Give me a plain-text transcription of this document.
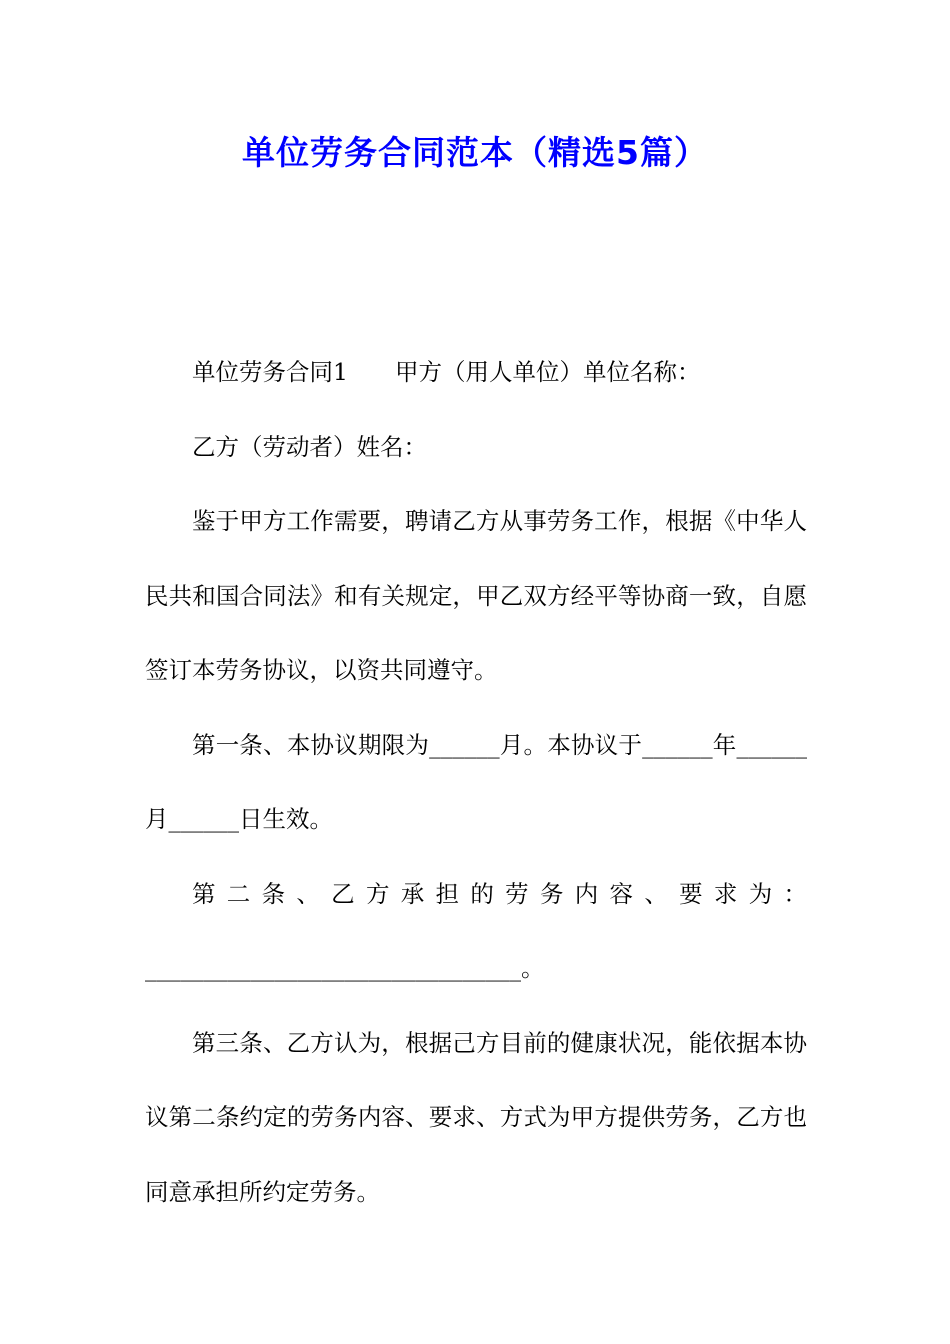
单位劳务合同范本（精选5篇）

单位劳务合同1　　甲方（用人单位）单位名称：

乙方（劳动者）姓名：

鉴于甲方工作需要，聘请乙方从事劳务工作，根据《中华人民共和国合同法》和有关规定，甲乙双方经平等协商一致，自愿签订本劳务协议，以资共同遵守。

第一条、本协议期限为______月。本协议于______年______月______日生效。

第二条、乙方承担的劳务内容、要求为：________________________________。

第三条、乙方认为，根据己方目前的健康状况，能依据本协议第二条约定的劳务内容、要求、方式为甲方提供劳务，乙方也同意承担所约定劳务。
